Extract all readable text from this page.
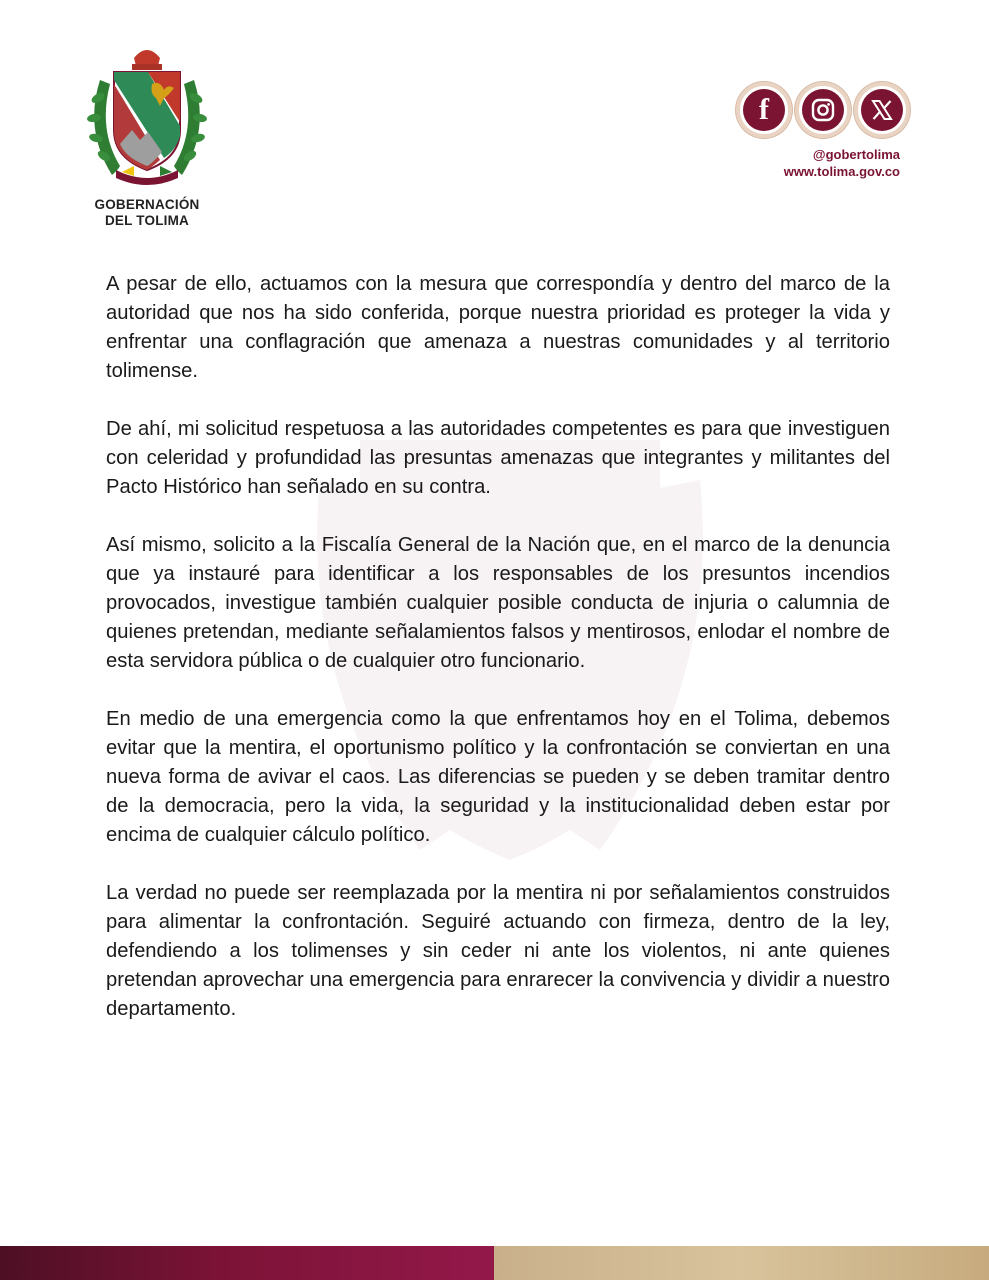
GOBERNACIÓN
DEL TOLIMA
f
@gobertolima
www.tolima.gov.co

A pesar de ello, actuamos con la mesura que correspondía y dentro del marco de la autoridad que nos ha sido conferida, porque nuestra prioridad es proteger la vida y enfrentar una conflagración que amenaza a nuestras comunidades y al territorio tolimense.

De ahí, mi solicitud respetuosa a las autoridades competentes es para que investiguen con celeridad y profundidad las presuntas amenazas que integrantes y militantes del Pacto Histórico han señalado en su contra.

Así mismo, solicito a la Fiscalía General de la Nación que, en el marco de la denuncia que ya instauré para identificar a los responsables de los presuntos incendios provocados, investigue también cualquier posible conducta de injuria o calumnia de quienes pretendan, mediante señalamientos falsos y mentirosos, enlodar el nombre de esta servidora pública o de cualquier otro funcionario.

En medio de una emergencia como la que enfrentamos hoy en el Tolima, debemos evitar que la mentira, el oportunismo político y la confrontación se conviertan en una nueva forma de avivar el caos. Las diferencias se pueden y se deben tramitar dentro de la democracia, pero la vida, la seguridad y la institucionalidad deben estar por encima de cualquier cálculo político.

La verdad no puede ser reemplazada por la mentira ni por señalamientos construidos para alimentar la confrontación. Seguiré actuando con firmeza, dentro de la ley, defendiendo a los tolimenses y sin ceder ni ante los violentos, ni ante quienes pretendan aprovechar una emergencia para enrarecer la convivencia y dividir a nuestro departamento.
